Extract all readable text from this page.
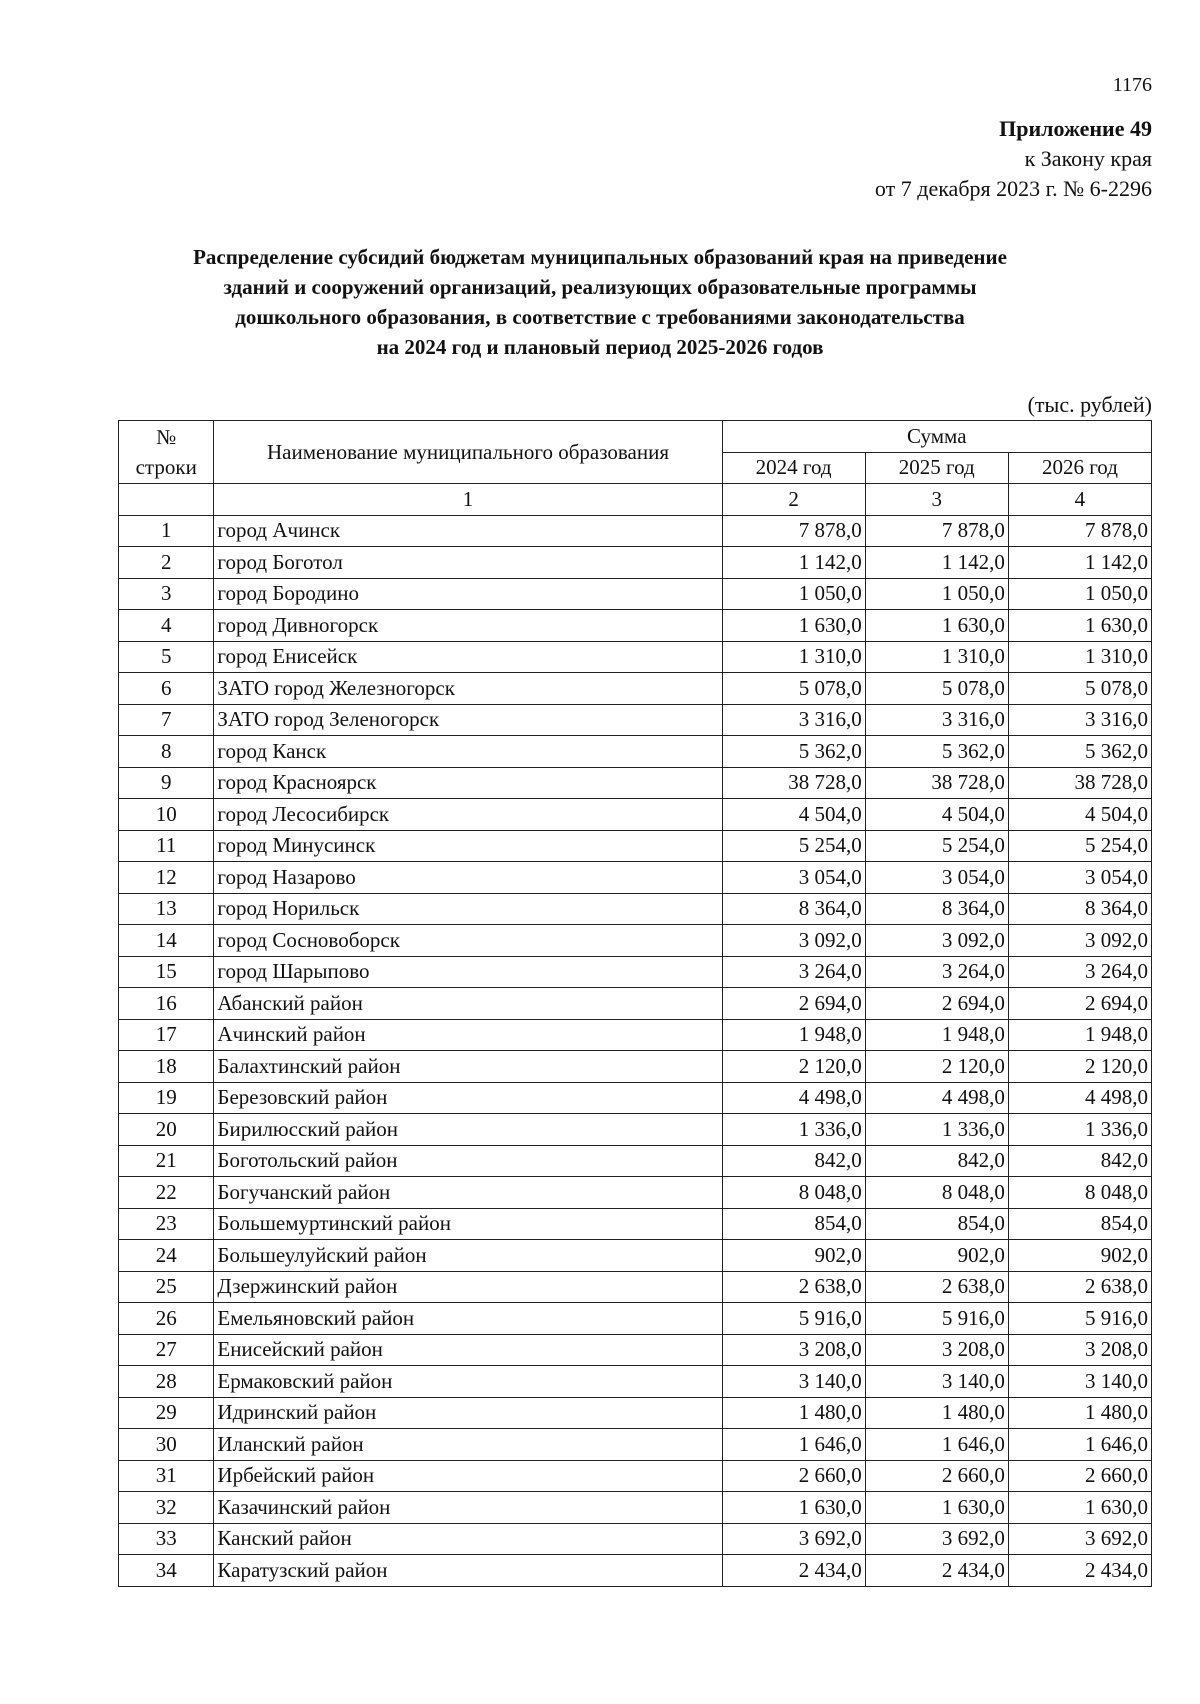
1176
Приложение 49
к Закону края
от 7 декабря 2023 г. № 6-2296
Распределение субсидий бюджетам муниципальных образований края на приведение
зданий и сооружений организаций, реализующих образовательные программы
дошкольного образования, в соответствие с требованиями законодательства
на 2024 год и плановый период 2025-2026 годов
(тыс. рублей)
№
строки	Наименование муниципального образования	Сумма		
		2024 год	2025 год	2026 год
	1	2	3	4
1	город Ачинск	7 878,0	7 878,0	7 878,0
2	город Боготол	1 142,0	1 142,0	1 142,0
3	город Бородино	1 050,0	1 050,0	1 050,0
4	город Дивногорск	1 630,0	1 630,0	1 630,0
5	город Енисейск	1 310,0	1 310,0	1 310,0
6	ЗАТО город Железногорск	5 078,0	5 078,0	5 078,0
7	ЗАТО город Зеленогорск	3 316,0	3 316,0	3 316,0
8	город Канск	5 362,0	5 362,0	5 362,0
9	город Красноярск	38 728,0	38 728,0	38 728,0
10	город Лесосибирск	4 504,0	4 504,0	4 504,0
11	город Минусинск	5 254,0	5 254,0	5 254,0
12	город Назарово	3 054,0	3 054,0	3 054,0
13	город Норильск	8 364,0	8 364,0	8 364,0
14	город Сосновоборск	3 092,0	3 092,0	3 092,0
15	город Шарыпово	3 264,0	3 264,0	3 264,0
16	Абанский район	2 694,0	2 694,0	2 694,0
17	Ачинский район	1 948,0	1 948,0	1 948,0
18	Балахтинский район	2 120,0	2 120,0	2 120,0
19	Березовский район	4 498,0	4 498,0	4 498,0
20	Бирилюсский район	1 336,0	1 336,0	1 336,0
21	Боготольский район	842,0	842,0	842,0
22	Богучанский район	8 048,0	8 048,0	8 048,0
23	Большемуртинский район	854,0	854,0	854,0
24	Большеулуйский район	902,0	902,0	902,0
25	Дзержинский район	2 638,0	2 638,0	2 638,0
26	Емельяновский район	5 916,0	5 916,0	5 916,0
27	Енисейский район	3 208,0	3 208,0	3 208,0
28	Ермаковский район	3 140,0	3 140,0	3 140,0
29	Идринский район	1 480,0	1 480,0	1 480,0
30	Иланский район	1 646,0	1 646,0	1 646,0
31	Ирбейский район	2 660,0	2 660,0	2 660,0
32	Казачинский район	1 630,0	1 630,0	1 630,0
33	Канский район	3 692,0	3 692,0	3 692,0
34	Каратузский район	2 434,0	2 434,0	2 434,0
